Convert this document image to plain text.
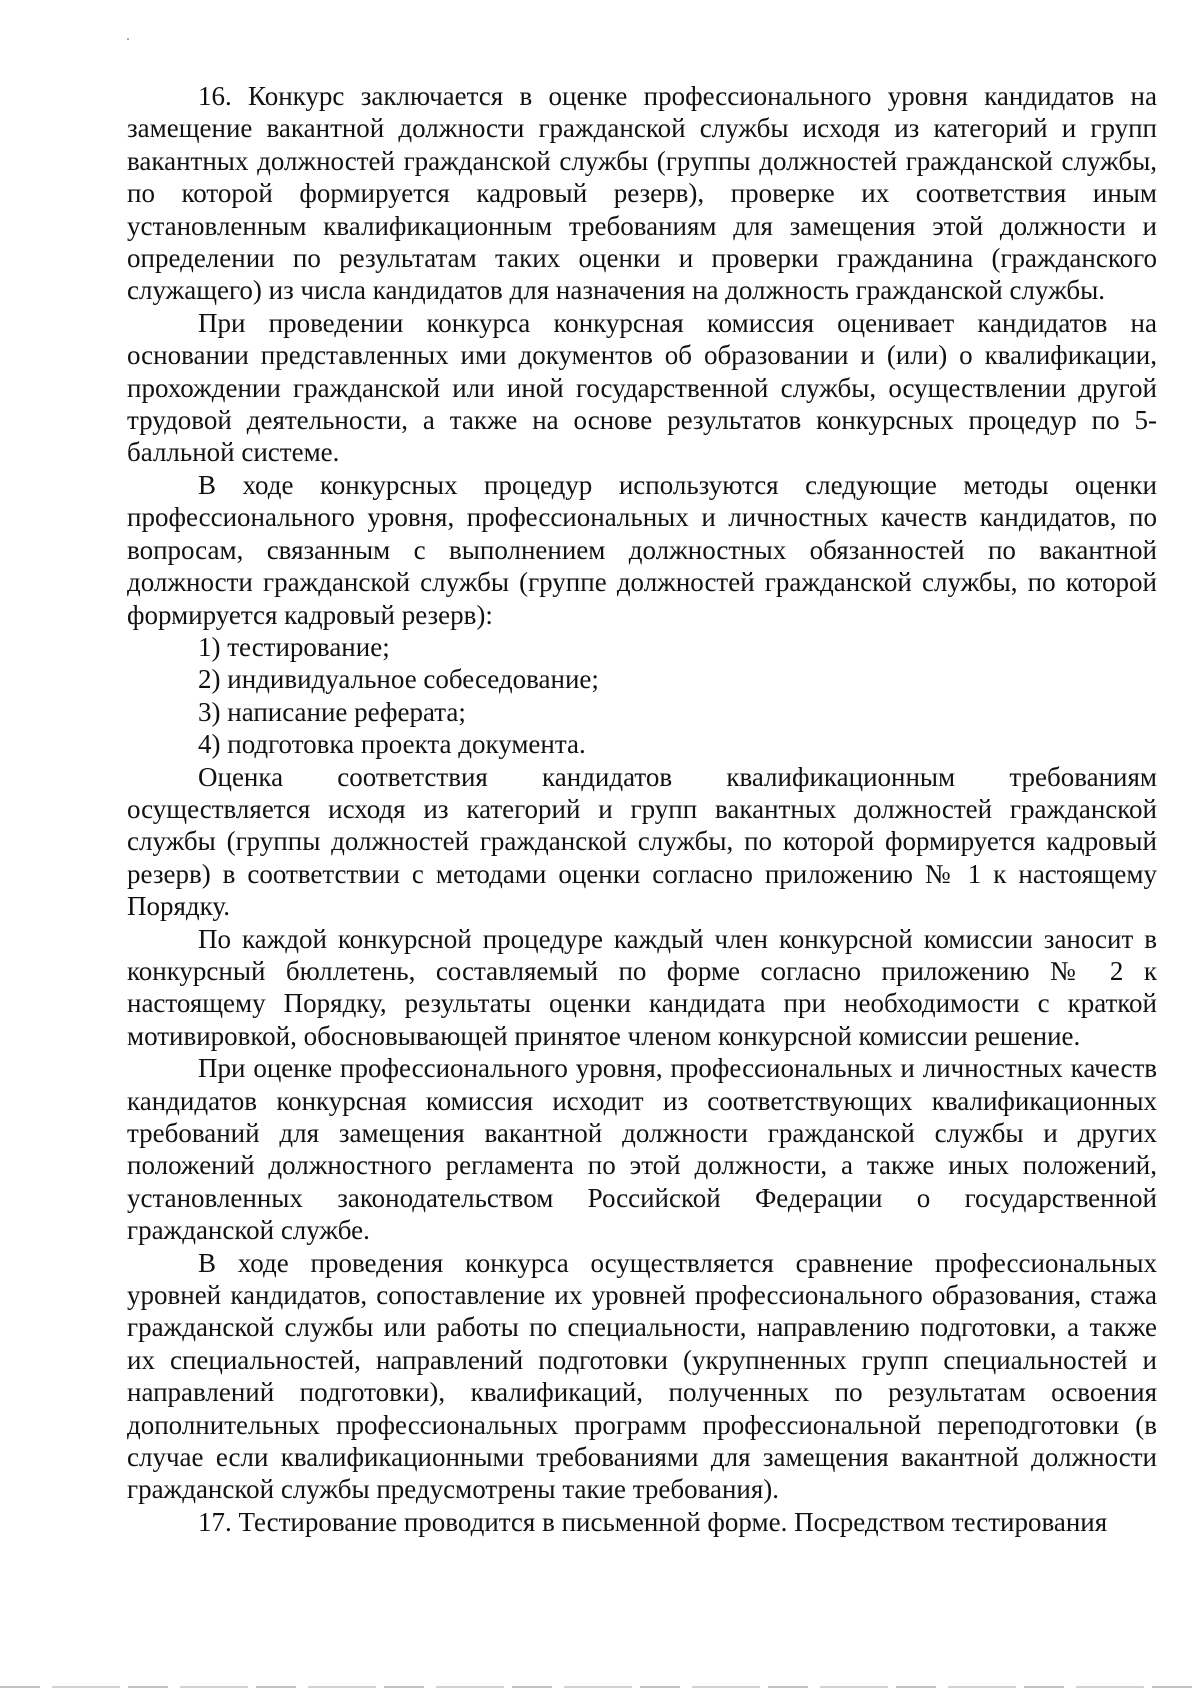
16. Конкурс заключается в оценке профессионального уровня кандидатов на замещение вакантной должности гражданской службы исходя из категорий и групп вакантных должностей гражданской службы (группы должностей гражданской службы, по которой формируется кадровый резерв), проверке их соответствия иным установленным квалификационным требованиям для замещения этой должности и определении по результатам таких оценки и проверки гражданина (гражданского служащего) из числа кандидатов для назначения на должность гражданской службы.

При проведении конкурса конкурсная комиссия оценивает кандидатов на основании представленных ими документов об образовании и (или) о квалификации, прохождении гражданской или иной государственной службы, осуществлении другой трудовой деятельности, а также на основе результатов конкурсных процедур по 5-балльной системе.

В ходе конкурсных процедур используются следующие методы оценки профессионального уровня, профессиональных и личностных качеств кандидатов, по вопросам, связанным с выполнением должностных обязанностей по вакантной должности гражданской службы (группе должностей гражданской службы, по которой формируется кадровый резерв):

1) тестирование;

2) индивидуальное собеседование;

3) написание реферата;

4) подготовка проекта документа.

Оценка соответствия кандидатов квалификационным требованиям осуществляется исходя из категорий и групп вакантных должностей гражданской службы (группы должностей гражданской службы, по которой формируется кадровый резерв) в соответствии с методами оценки согласно приложению № 1 к настоящему Порядку.

По каждой конкурсной процедуре каждый член конкурсной комиссии заносит в конкурсный бюллетень, составляемый по форме согласно приложению № 2 к настоящему Порядку, результаты оценки кандидата при необходимости с краткой мотивировкой, обосновывающей принятое членом конкурсной комиссии решение.

При оценке профессионального уровня, профессиональных и личностных качеств кандидатов конкурсная комиссия исходит из соответствующих квалификационных требований для замещения вакантной должности гражданской службы и других положений должностного регламента по этой должности, а также иных положений, установленных законодательством Российской Федерации о государственной гражданской службе.

В ходе проведения конкурса осуществляется сравнение профессиональных уровней кандидатов, сопоставление их уровней профессионального образования, стажа гражданской службы или работы по специальности, направлению подготовки, а также их специальностей, направлений подготовки (укрупненных групп специальностей и направлений подготовки), квалификаций, полученных по результатам освоения дополнительных профессиональных программ профессиональной переподготовки (в случае если квалификационными требованиями для замещения вакантной должности гражданской службы предусмотрены такие требования).

17. Тестирование проводится в письменной форме. Посредством тестирования
